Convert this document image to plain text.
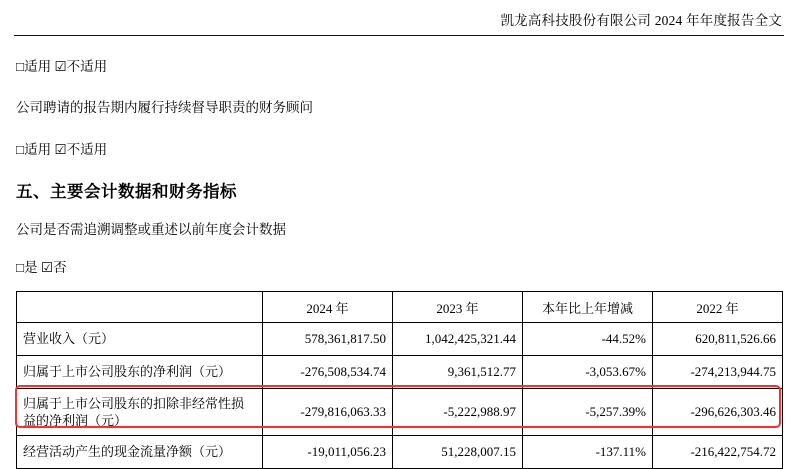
凯龙高科技股份有限公司 2024 年年度报告全文

□适用 ☑不适用

公司聘请的报告期内履行持续督导职责的财务顾问

□适用 ☑不适用

五、主要会计数据和财务指标

公司是否需追溯调整或重述以前年度会计数据

□是 ☑否

	2024 年	2023 年	本年比上年增减	2022 年
营业收入（元）	578,361,817.50	1,042,425,321.44	-44.52%	620,811,526.66
归属于上市公司股东的净利润（元）	-276,508,534.74	9,361,512.77	-3,053.67%	-274,213,944.75
归属于上市公司股东的扣除非经常性损益的净利润（元）	-279,816,063.33	-5,222,988.97	-5,257.39%	-296,626,303.46
经营活动产生的现金流量净额（元）	-19,011,056.23	51,228,007.15	-137.11%	-216,422,754.72
